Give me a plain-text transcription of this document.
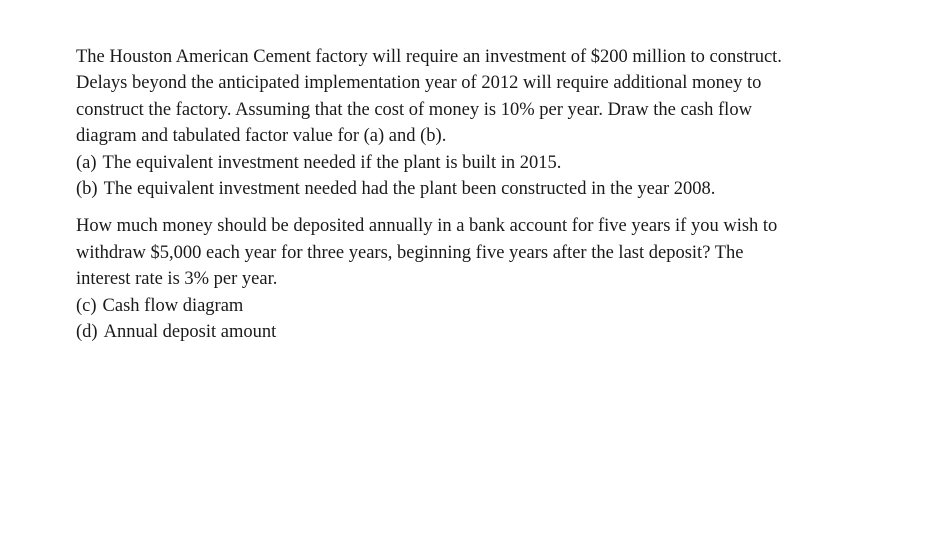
The Houston American Cement factory will require an investment of $200 million to construct.

Delays beyond the anticipated implementation year of 2012 will require additional money to

construct the factory. Assuming that the cost of money is 10% per year. Draw the cash flow

diagram and tabulated factor value for (a) and (b).

(a) The equivalent investment needed if the plant is built in 2015.

(b) The equivalent investment needed had the plant been constructed in the year 2008.

How much money should be deposited annually in a bank account for five years if you wish to

withdraw $5,000 each year for three years, beginning five years after the last deposit? The

interest rate is 3% per year.

(c) Cash flow diagram

(d) Annual deposit amount
